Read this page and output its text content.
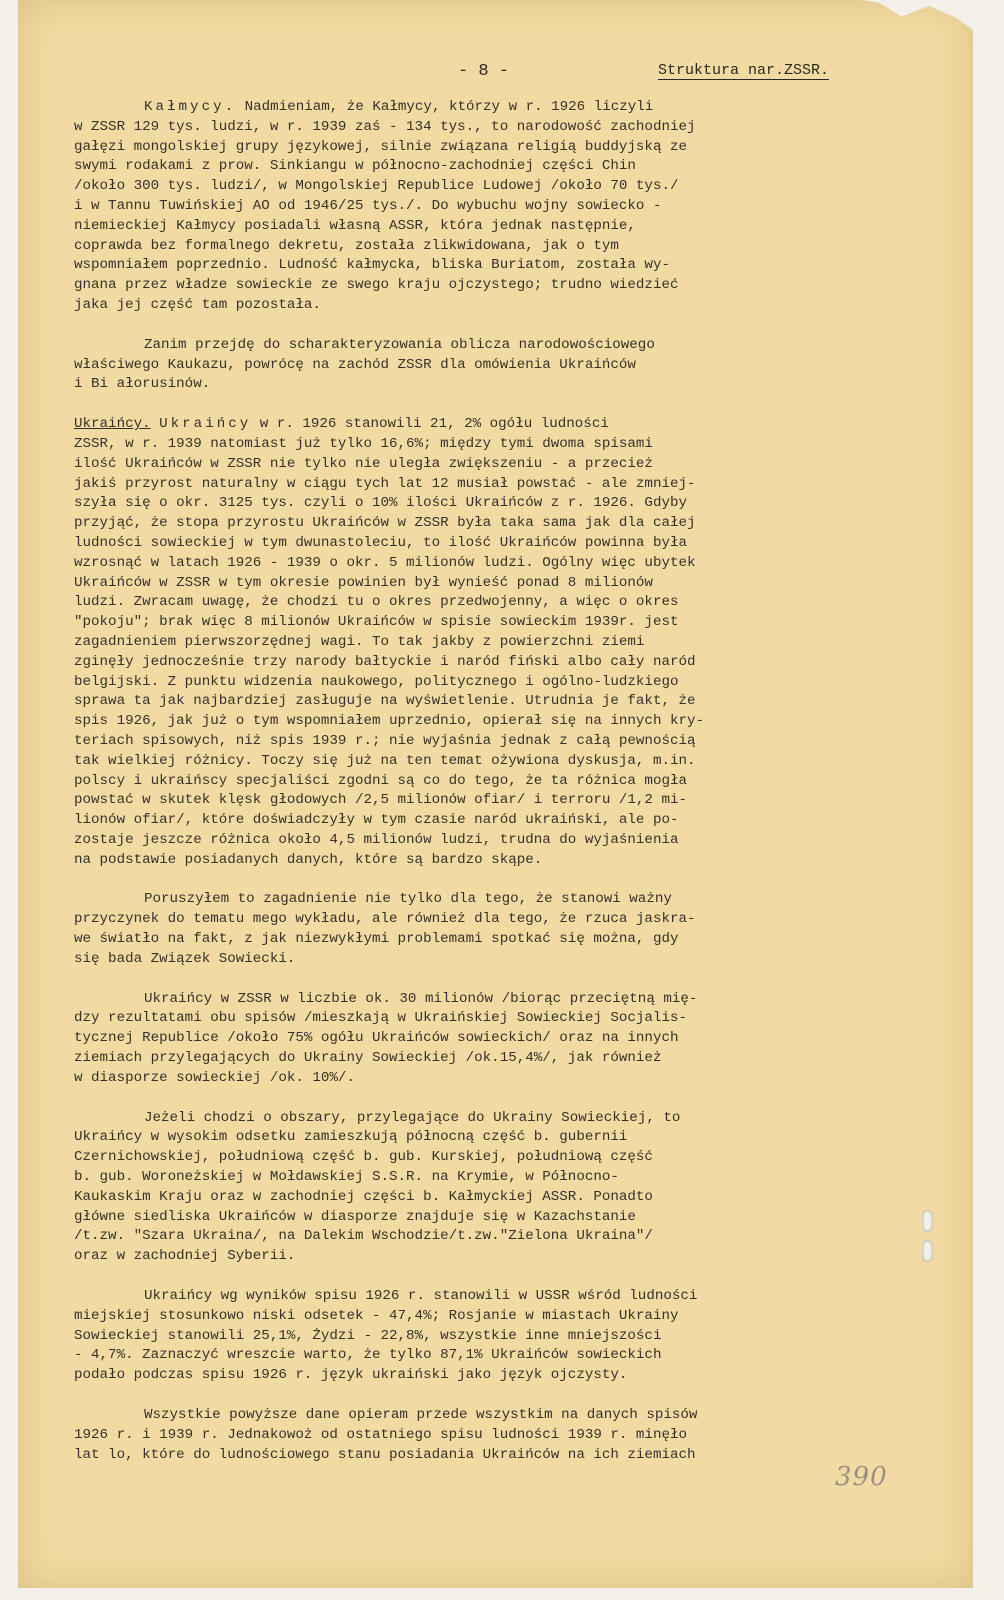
- 8 -	Struktura nar.ZSSR.

Kałmycy. Nadmieniam, że Kałmycy, którzy w r. 1926 liczyli
w ZSSR 129 tys. ludzi, w r. 1939 zaś - 134 tys., to narodowość zachodniej
gałęzi mongolskiej grupy językowej, silnie związana religią buddyjską ze
swymi rodakami z prow. Sinkiangu w północno-zachodniej części Chin
/około 300 tys. ludzi/, w Mongolskiej Republice Ludowej /około 70 tys./
i w Tannu Tuwińskiej AO od 1946/25 tys./. Do wybuchu wojny sowiecko -
niemieckiej Kałmycy posiadali własną ASSR, która jednak następnie,
coprawda bez formalnego dekretu, została zlikwidowana, jak o tym
wspomniałem poprzednio. Ludność kałmycka, bliska Buriatom, została wy-
gnana przez władze sowieckie ze swego kraju ojczystego; trudno wiedzieć
jaka jej część tam pozostała.

Zanim przejdę do scharakteryzowania oblicza narodowościowego
właściwego Kaukazu, powrócę na zachód ZSSR dla omówienia Ukraińców
i Bi ałorusinów.

Ukraińcy. Ukraińcy w r. 1926 stanowili 21, 2% ogółu ludności
ZSSR, w r. 1939 natomiast już tylko 16,6%; między tymi dwoma spisami
ilość Ukraińców w ZSSR nie tylko nie uległa zwiększeniu - a przecież
jakiś przyrost naturalny w ciągu tych lat 12 musiał powstać - ale zmniej-
szyła się o okr. 3125 tys. czyli o 10% ilości Ukraińców z r. 1926. Gdyby
przyjąć, że stopa przyrostu Ukraińców w ZSSR była taka sama jak dla całej
ludności sowieckiej w tym dwunastoleciu, to ilość Ukraińców powinna była
wzrosnąć w latach 1926 - 1939 o okr. 5 milionów ludzi. Ogólny więc ubytek
Ukraińców w ZSSR w tym okresie powinien był wynieść ponad 8 milionów
ludzi. Zwracam uwagę, że chodzi tu o okres przedwojenny, a więc o okres
"pokoju"; brak więc 8 milionów Ukraińców w spisie sowieckim 1939r. jest
zagadnieniem pierwszorzędnej wagi. To tak jakby z powierzchni ziemi
zginęły jednocześnie trzy narody bałtyckie i naród fiński albo cały naród
belgijski. Z punktu widzenia naukowego, politycznego i ogólno-ludzkiego
sprawa ta jak najbardziej zasługuje na wyświetlenie. Utrudnia je fakt, że
spis 1926, jak już o tym wspomniałem uprzednio, opierał się na innych kry-
teriach spisowych, niż spis 1939 r.; nie wyjaśnia jednak z całą pewnością
tak wielkiej różnicy. Toczy się już na ten temat ożywiona dyskusja, m.in.
polscy i ukraińscy specjaliści zgodni są co do tego, że ta różnica mogła
powstać w skutek klęsk głodowych /2,5 milionów ofiar/ i terroru /1,2 mi-
lionów ofiar/, które doświadczyły w tym czasie naród ukraiński, ale po-
zostaje jeszcze różnica około 4,5 milionów ludzi, trudna do wyjaśnienia
na podstawie posiadanych danych, które są bardzo skąpe.

Poruszyłem to zagadnienie nie tylko dla tego, że stanowi ważny
przyczynek do tematu mego wykładu, ale również dla tego, że rzuca jaskra-
we światło na fakt, z jak niezwykłymi problemami spotkać się można, gdy
się bada Związek Sowiecki.

Ukraińcy w ZSSR w liczbie ok. 30 milionów /biorąc przeciętną mię-
dzy rezultatami obu spisów /mieszkają w Ukraińskiej Sowieckiej Socjalis-
tycznej Republice /około 75% ogółu Ukraińców sowieckich/ oraz na innych
ziemiach przylegających do Ukrainy Sowieckiej /ok.15,4%/, jak również
w diasporze sowieckiej /ok. 10%/.

Jeżeli chodzi o obszary, przylegające do Ukrainy Sowieckiej, to
Ukraińcy w wysokim odsetku zamieszkują północną część b. gubernii
Czernichowskiej, południową część b. gub. Kurskiej, południową część
b. gub. Woroneżskiej w Mołdawskiej S.S.R. na Krymie, w Północno-
Kaukaskim Kraju oraz w zachodniej części b. Kałmyckiej ASSR. Ponadto
główne siedliska Ukraińców w diasporze znajduje się w Kazachstanie
/t.zw. "Szara Ukraina/, na Dalekim Wschodzie/t.zw."Zielona Ukraina"/
oraz w zachodniej Syberii.

Ukraińcy wg wyników spisu 1926 r. stanowili w USSR wśród ludności
miejskiej stosunkowo niski odsetek - 47,4%; Rosjanie w miastach Ukrainy
Sowieckiej stanowili 25,1%, Żydzi - 22,8%, wszystkie inne mniejszości
- 4,7%. Zaznaczyć wreszcie warto, że tylko 87,1% Ukraińców sowieckich
podało podczas spisu 1926 r. język ukraiński jako język ojczysty.

Wszystkie powyższe dane opieram przede wszystkim na danych spisów
1926 r. i 1939 r. Jednakowoż od ostatniego spisu ludności 1939 r. minęło
lat lo, które do ludnościowego stanu posiadania Ukraińców na ich ziemiach

390
